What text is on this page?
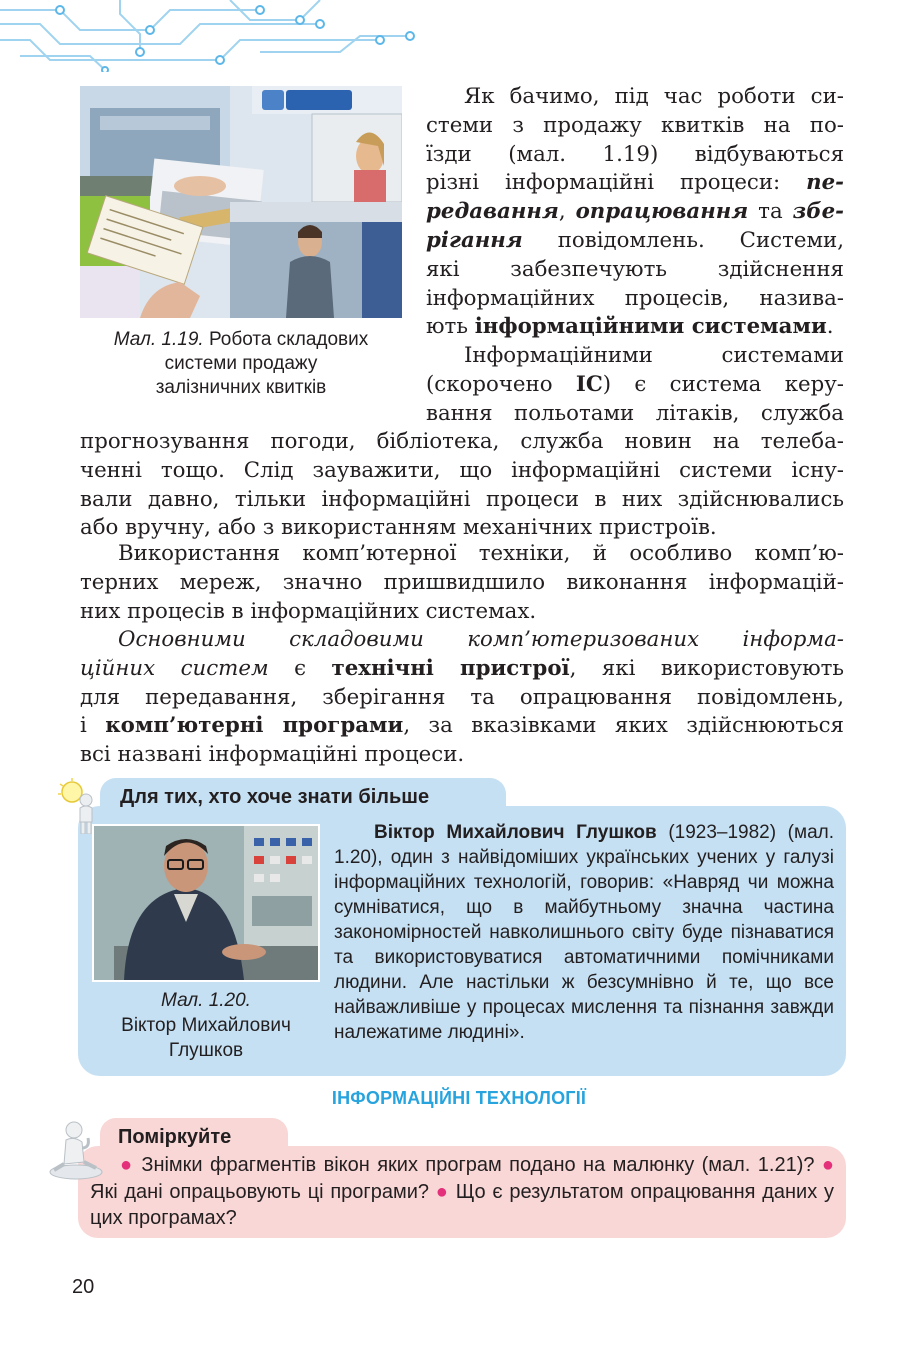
Мал. 1.19. Робота складових
системи продажу
залізничних квитків
Як бачимо, під час роботи си-
стеми з продажу квитків на по-
їзди (мал. 1.19) відбуваються
різні інформаційні процеси: пе-
редавання, опрацювання та збе-
рігання повідомлень. Системи,
які забезпечують здійснення
інформаційних процесів, назива-
ють інформаційними системами.
Інформаційними системами
(скорочено ІС) є система керу-
вання польотами літаків, служба
прогнозування погоди, бібліотека, служба новин на телеба-
ченні тощо. Слід зауважити, що інформаційні системи існу-
вали давно, тільки інформаційні процеси в них здійснювались
або вручну, або з використанням механічних пристроїв.
Використання комп’ютерної техніки, й особливо комп’ю-
терних мереж, значно пришвидшило виконання інформацій-
них процесів в інформаційних системах.
Основними складовими комп’ютеризованих інформа-
ційних систем є технічні пристрої, які використовують
для передавання, зберігання та опрацювання повідомлень,
і комп’ютерні програми, за вказівками яких здійснюються
всі названі інформаційні процеси.
Для тих, хто хоче знати більше
Мал. 1.20.
Віктор Михайлович
Глушков
Віктор Михайлович Глушков (1923–1982) (мал. 1.20), один з найвідоміших українських учених у галузі інформаційних технологій, говорив: «Навряд чи можна сумніватися, що в майбутньому значна частина закономірностей навколишнього світу буде пізнаватися та використовуватися автоматичними помічниками людини. Але настільки ж безсумнівно й те, що все найважливіше у процесах мислення та пізнання завжди належатиме людині».
ІНФОРМАЦІЙНІ ТЕХНОЛОГІЇ
Поміркуйте
● Знімки фрагментів вікон яких програм подано на малюнку (мал. 1.21)? ● Які дані опрацьовують ці програми? ● Що є результатом опрацювання даних у цих програмах?
20
